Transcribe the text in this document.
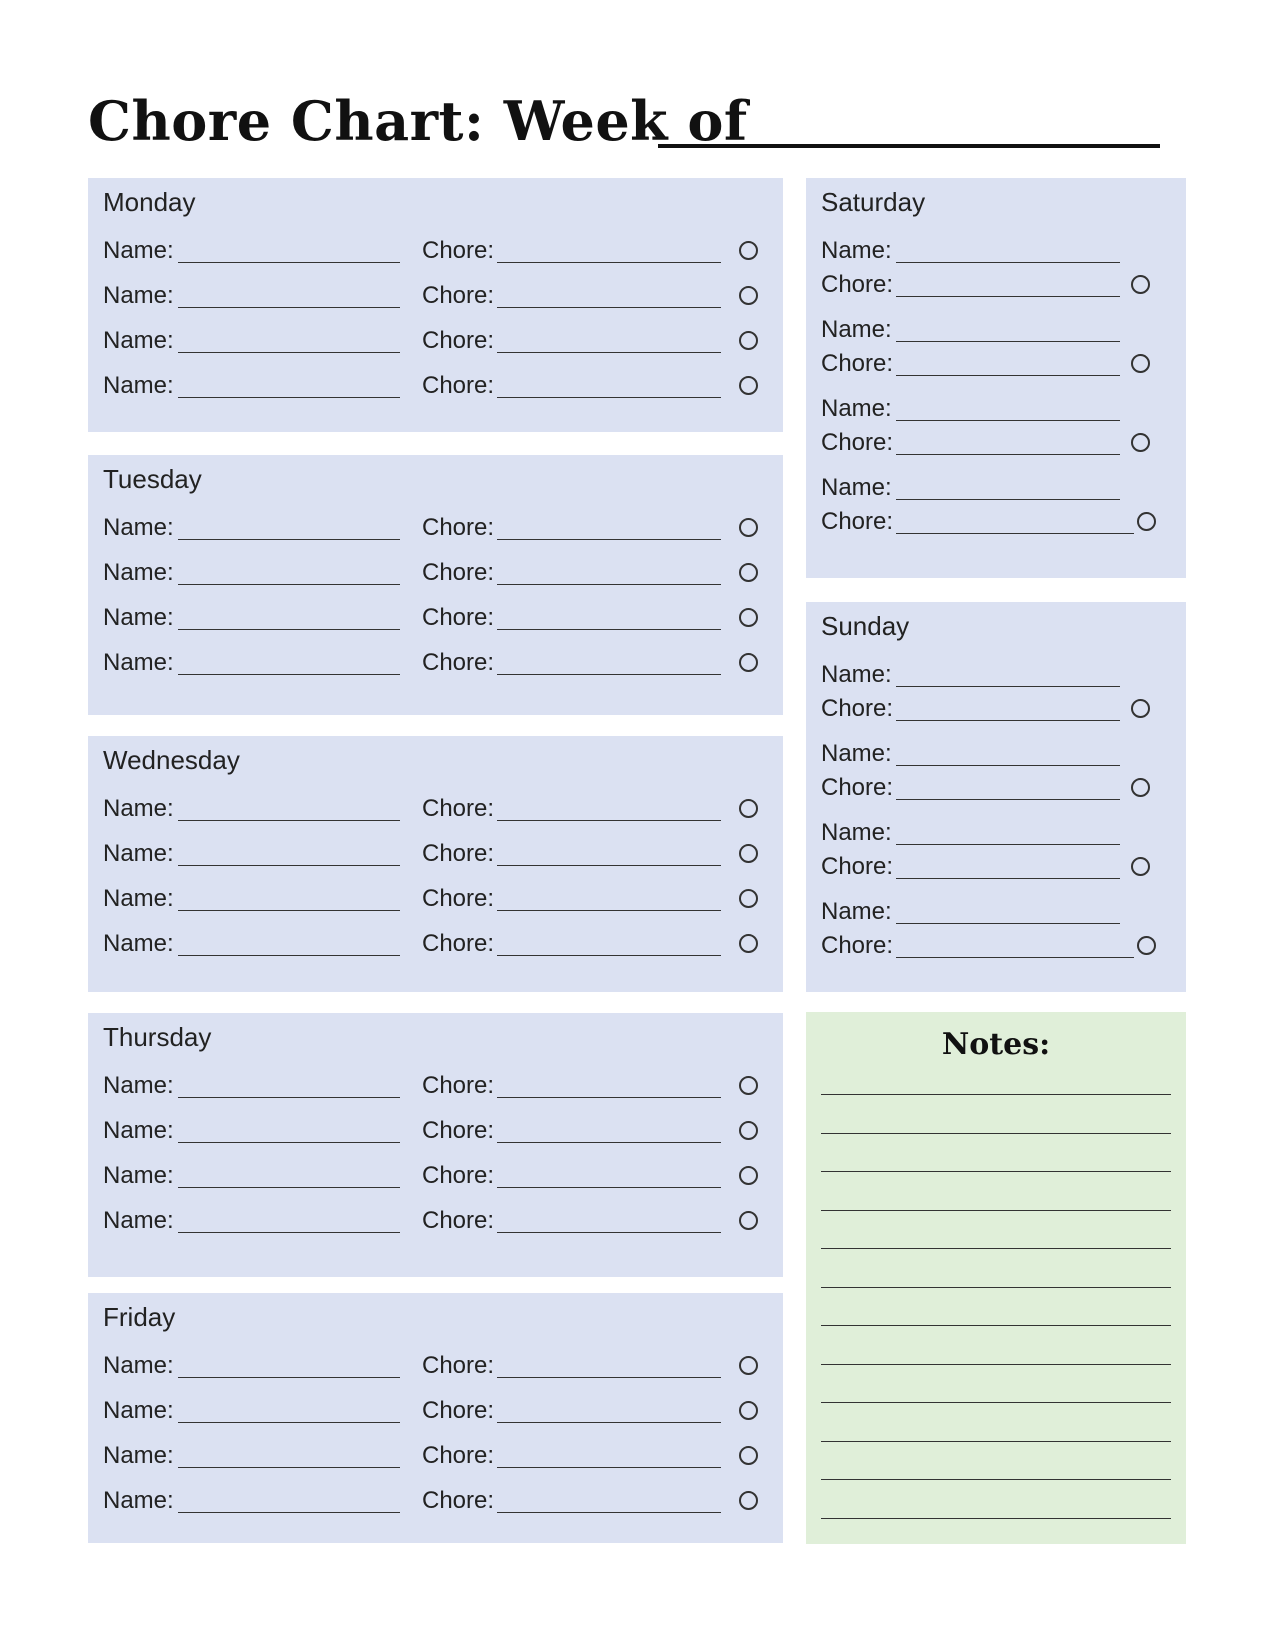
Chore Chart: Week of
Monday
Name:	Chore:
Name:	Chore:
Name:	Chore:
Name:	Chore:
Tuesday
Name:	Chore:
Name:	Chore:
Name:	Chore:
Name:	Chore:
Wednesday
Name:	Chore:
Name:	Chore:
Name:	Chore:
Name:	Chore:
Thursday
Name:	Chore:
Name:	Chore:
Name:	Chore:
Name:	Chore:
Friday
Name:	Chore:
Name:	Chore:
Name:	Chore:
Name:	Chore:
Saturday
Name:
Chore:
Name:
Chore:
Name:
Chore:
Name:
Chore:
Sunday
Name:
Chore:
Name:
Chore:
Name:
Chore:
Name:
Chore:
Notes:
